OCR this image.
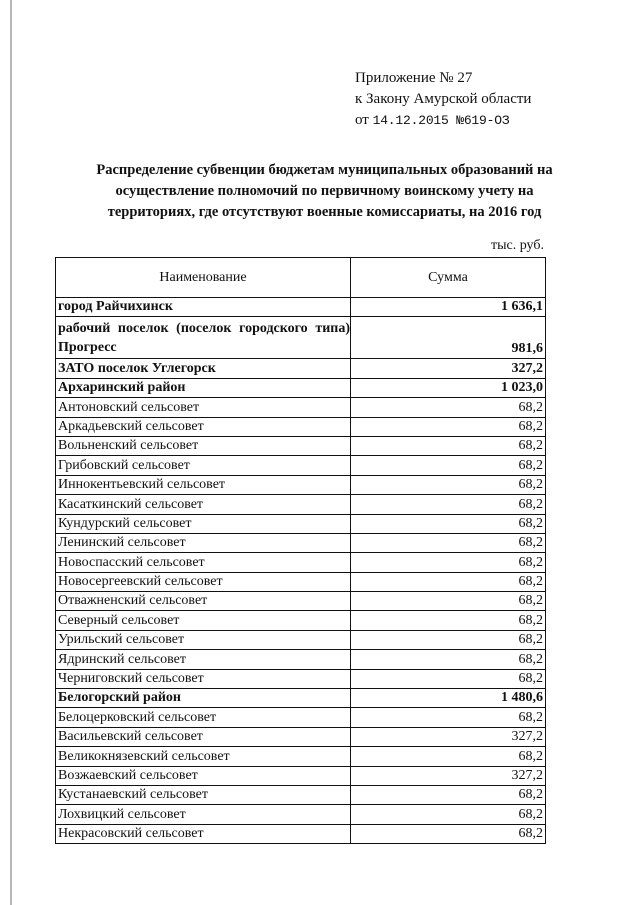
Приложение № 27
к Закону Амурской области
от 14.12.2015 №619-ОЗ
Распределение субвенции бюджетам муниципальных образований на
осуществление полномочий по первичному воинскому учету на
территориях, где отсутствуют военные комиссариаты, на 2016 год
тыс. руб.
Наименование	Сумма
город Райчихинск	1 636,1
рабочий поселок (поселок городского типа) Прогресс	981,6
ЗАТО поселок Углегорск	327,2
Архаринский район	1 023,0
Антоновский сельсовет	68,2
Аркадьевский сельсовет	68,2
Вольненский сельсовет	68,2
Грибовский сельсовет	68,2
Иннокентьевский сельсовет	68,2
Касаткинский сельсовет	68,2
Кундурский сельсовет	68,2
Ленинский сельсовет	68,2
Новоспасский сельсовет	68,2
Новосергеевский сельсовет	68,2
Отважненский сельсовет	68,2
Северный сельсовет	68,2
Урильский сельсовет	68,2
Ядринский сельсовет	68,2
Черниговский сельсовет	68,2
Белогорский район	1 480,6
Белоцерковский сельсовет	68,2
Васильевский сельсовет	327,2
Великокнязевский сельсовет	68,2
Возжаевский сельсовет	327,2
Кустанаевский сельсовет	68,2
Лохвицкий сельсовет	68,2
Некрасовский сельсовет	68,2
